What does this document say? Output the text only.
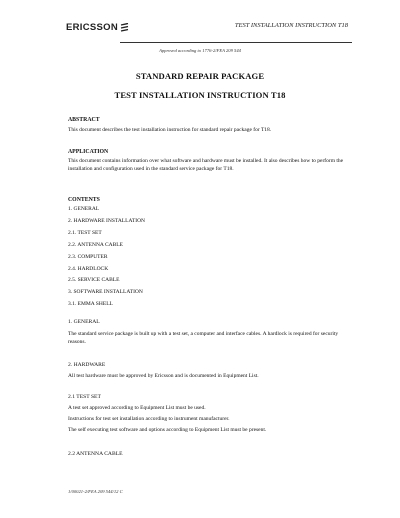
ERICSSON	TEST INSTALLATION INSTRUCTION T18
Approved according to 1776-2/FEA 209 544
STANDARD REPAIR PACKAGE
TEST INSTALLATION INSTRUCTION T18
ABSTRACT
This document describes the test installation instruction for standard repair package for T18.
APPLICATION
This document contains information over what software and hardware must be installed. It also describes how to perform the installation and configuration used in the standard service package for T18.
CONTENTS
1. GENERAL
2. HARDWARE INSTALLATION
2.1. TEST SET
2.2. ANTENNA CABLE
2.3. COMPUTER
2.4. HARDLOCK
2.5. SERVICE CABLE
3. SOFTWARE INSTALLATION
3.1. EMMA SHELL
1. GENERAL
The standard service package is built up with a test set, a computer and interface cables. A hardlock is required for security reasons.
2. HARDWARE
All test hardware must be approved by Ericsson and is documented in Equipment List.
2.1 TEST SET
A test set approved according to Equipment List must be used.
Instructions for test set installation according to instrument manufacturer.
The self executing test software and options according to Equipment List must be present.
2.2 ANTENNA CABLE
1/00021-2/FEA 209 544/12 C
